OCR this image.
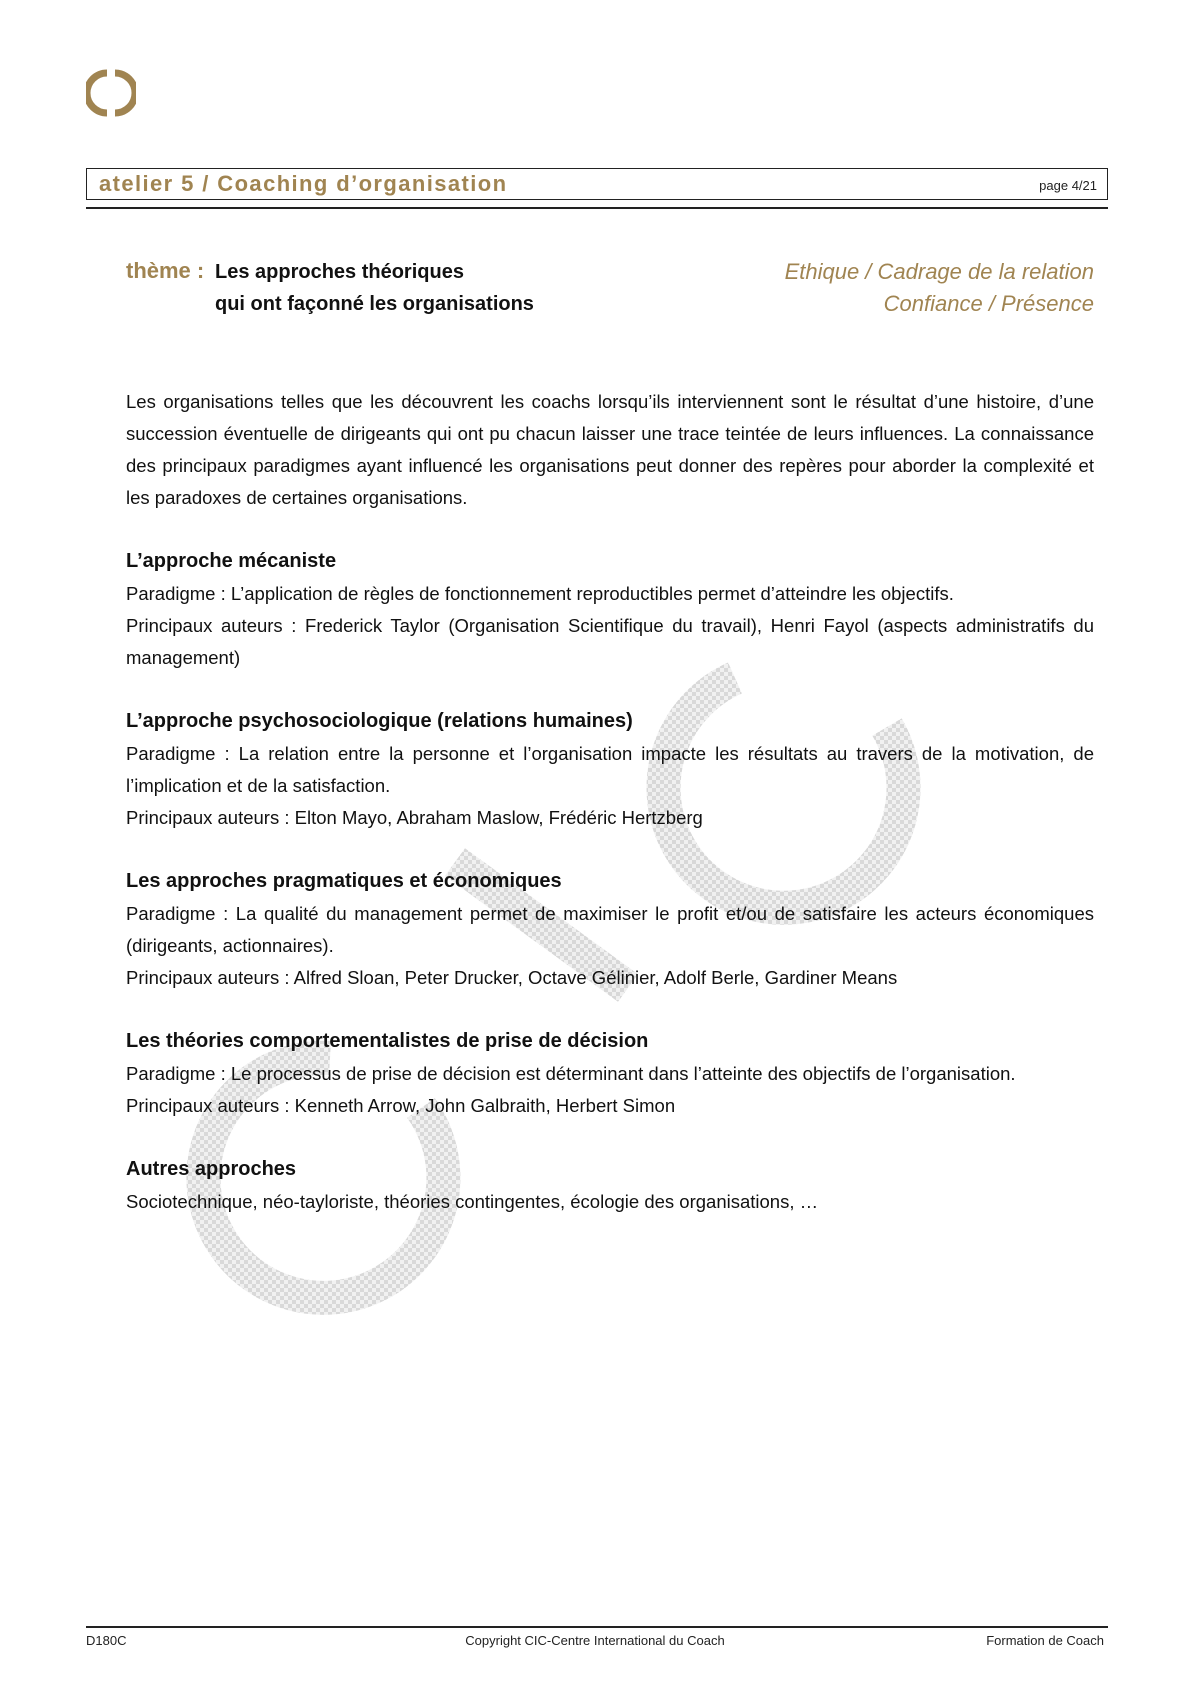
atelier 5 / Coaching d’organisation	page 4/21
thème : Les approches théoriques
qui ont façonné les organisations
Ethique / Cadrage de la relation
Confiance / Présence

Les organisations telles que les découvrent les coachs lorsqu’ils interviennent sont le résultat d’une histoire, d’une succession éventuelle de dirigeants qui ont pu chacun laisser une trace teintée de leurs influences. La connaissance des principaux paradigmes ayant influencé les organisations peut donner des repères pour aborder la complexité et les paradoxes de certaines organisations.

L’approche mécaniste

Paradigme : L’application de règles de fonctionnement reproductibles permet d’atteindre les objectifs.

Principaux auteurs : Frederick Taylor (Organisation Scientifique du travail), Henri Fayol (aspects administratifs du management)

L’approche psychosociologique (relations humaines)

Paradigme : La relation entre la personne et l’organisation impacte les résultats au travers de la motivation, de l’implication et de la satisfaction.

Principaux auteurs : Elton Mayo, Abraham Maslow, Frédéric Hertzberg

Les approches pragmatiques et économiques

Paradigme : La qualité du management permet de maximiser le profit et/ou de satisfaire les acteurs économiques (dirigeants, actionnaires).

Principaux auteurs : Alfred Sloan, Peter Drucker, Octave Gélinier, Adolf Berle, Gardiner Means

Les théories comportementalistes de prise de décision

Paradigme : Le processus de prise de décision est déterminant dans l’atteinte des objectifs de l’organisation.

Principaux auteurs : Kenneth Arrow, John Galbraith, Herbert Simon

Autres approches

Sociotechnique, néo-tayloriste, théories contingentes, écologie des organisations, …

D180C	Copyright CIC-Centre International du Coach	Formation de Coach
